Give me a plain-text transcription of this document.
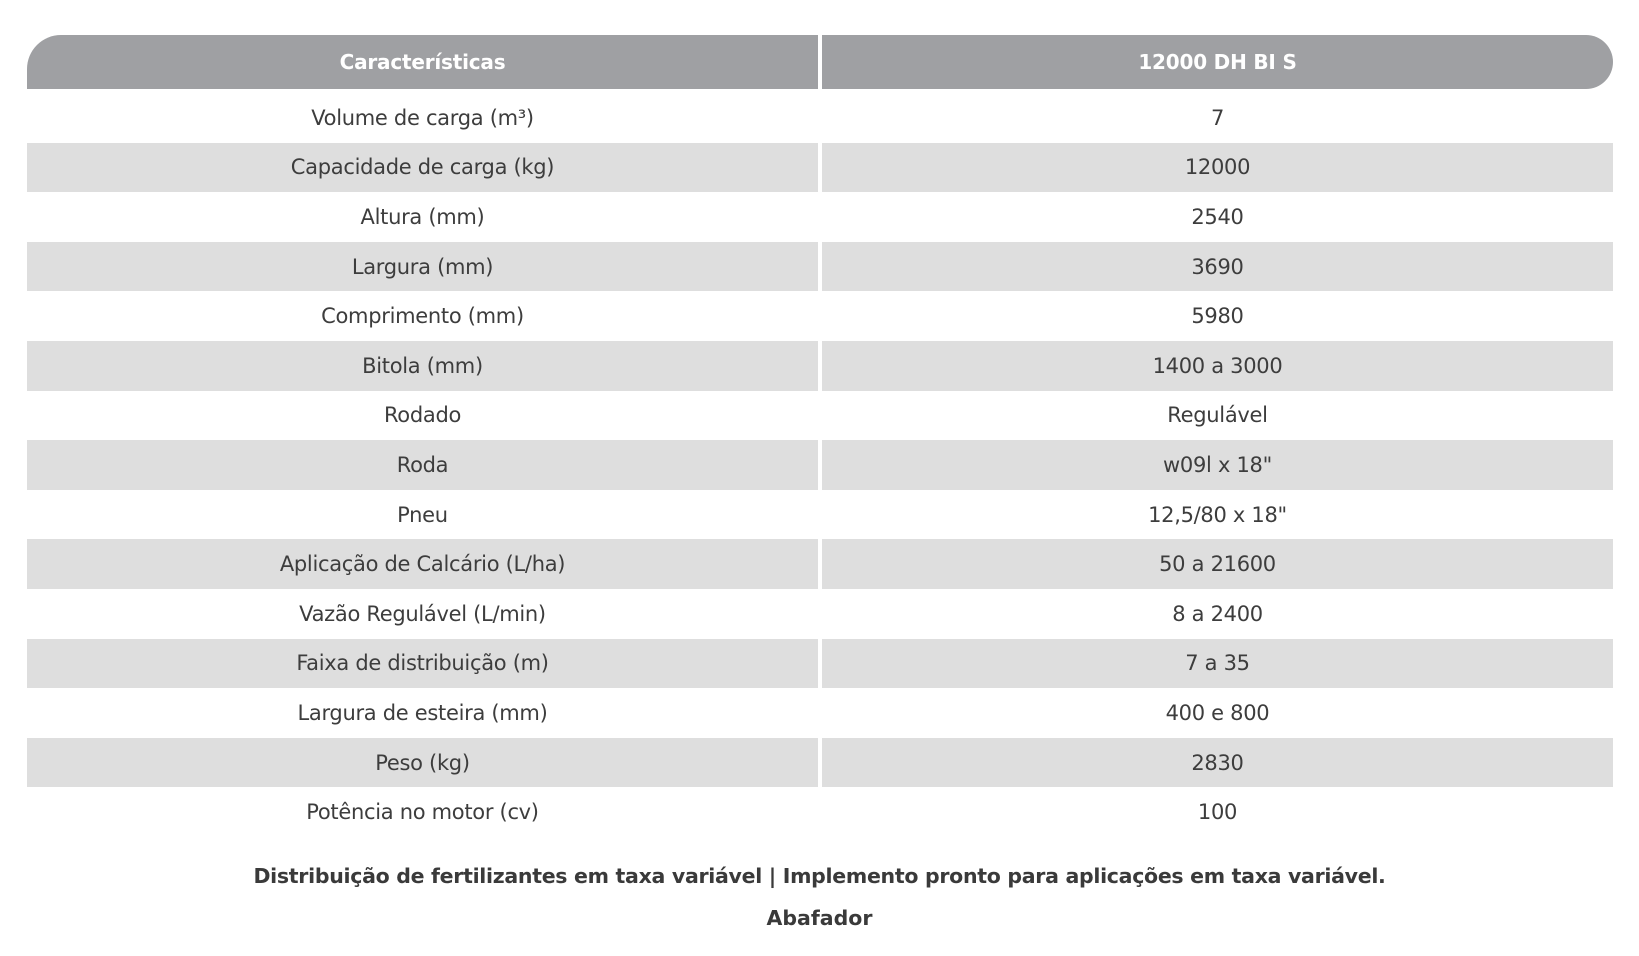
Características	12000 DH BI S
Volume de carga (m³)	7
Capacidade de carga (kg)	12000
Altura (mm)	2540
Largura (mm)	3690
Comprimento (mm)	5980
Bitola (mm)	1400 a 3000
Rodado	Regulável
Roda	w09l x 18"
Pneu	12,5/80 x 18"
Aplicação de Calcário (L/ha)	50 a 21600
Vazão Regulável (L/min)	8 a 2400
Faixa de distribuição (m)	7 a 35
Largura de esteira (mm)	400 e 800
Peso (kg)	2830
Potência no motor (cv)	100
Distribuição de fertilizantes em taxa variável | Implemento pronto para aplicações em taxa variável.
Abafador
